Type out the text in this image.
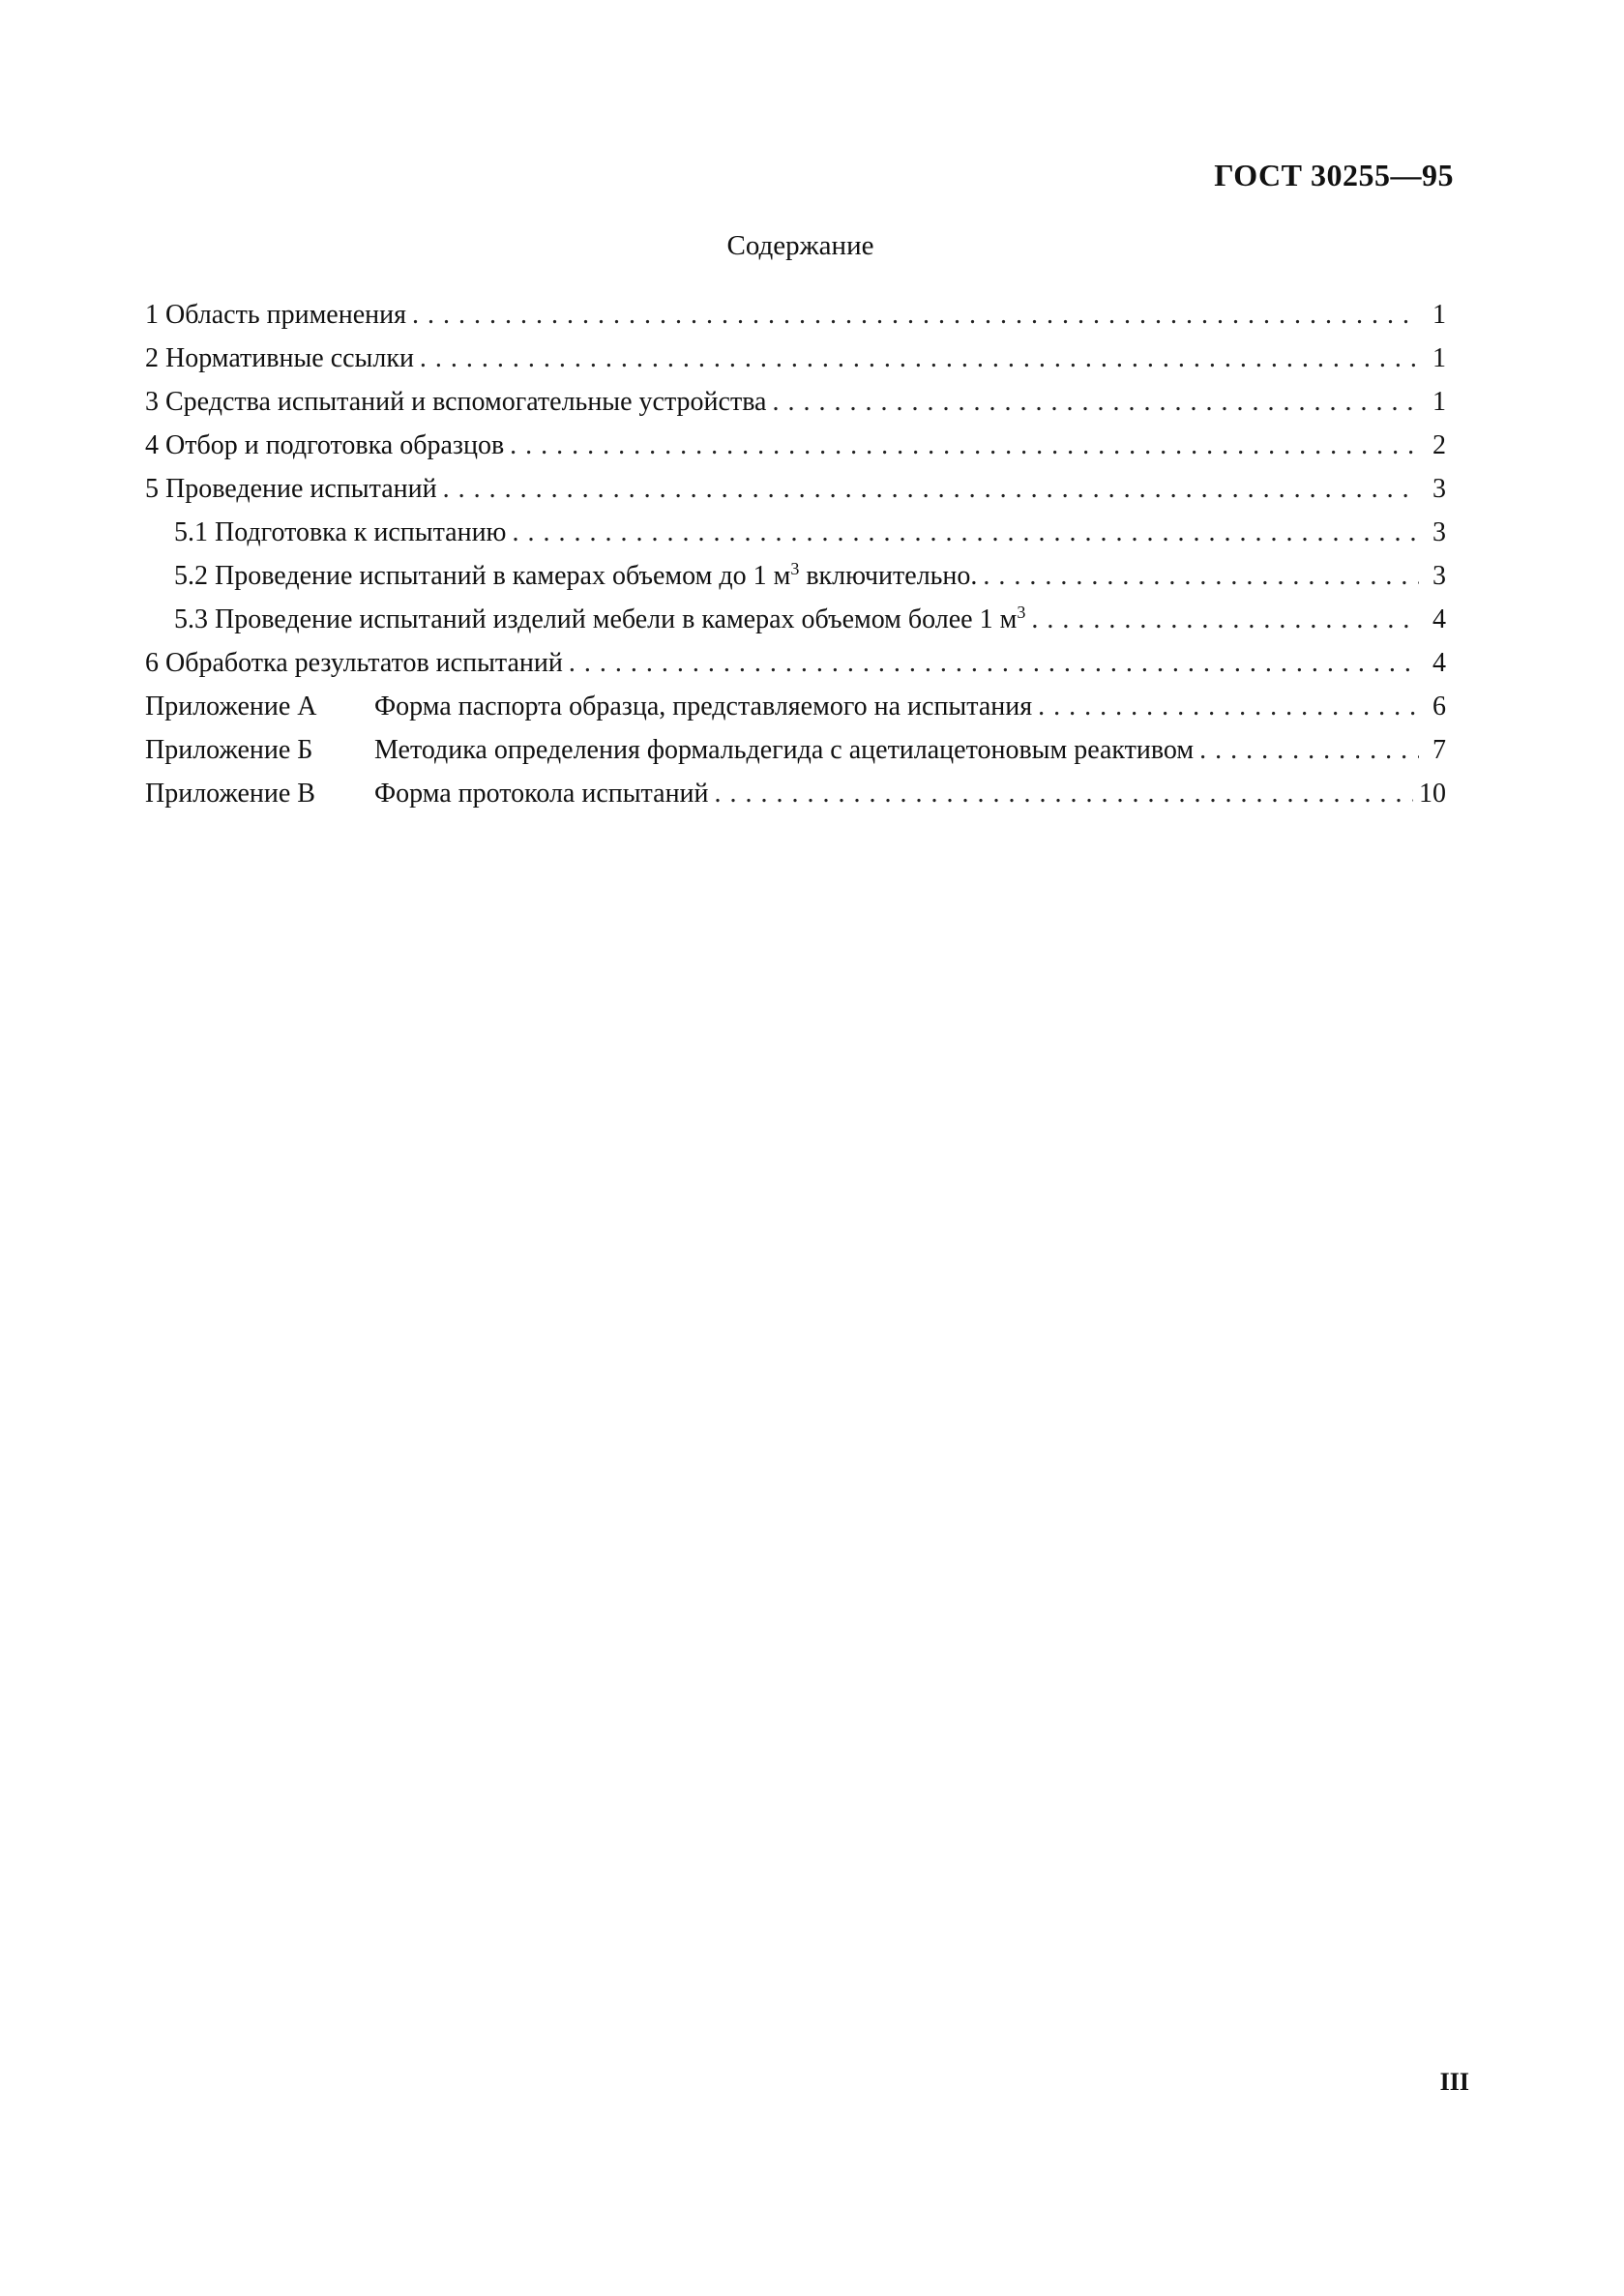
ГОСТ 30255—95
Содержание
1 Область применения . . .	1
2 Нормативные ссылки . . .	1
3 Средства испытаний и вспомогательные устройства . . .	1
4 Отбор и подготовка образцов . . .	2
5 Проведение испытаний . . .	3
5.1 Подготовка к испытанию . . .	3
5.2 Проведение испытаний в камерах объемом до 1 $м^3$ включительно. . . .	3
5.3 Проведение испытаний изделий мебели в камерах объемом более 1 $м^3$ . . .	4
6 Обработка результатов испытаний . . .	4
Приложение А Форма паспорта образца, представляемого на испытания . . .	6
Приложение Б Методика определения формальдегида с ацетилацетоновым реактивом . . .	7
Приложение В Форма протокола испытаний . . .	10
III
